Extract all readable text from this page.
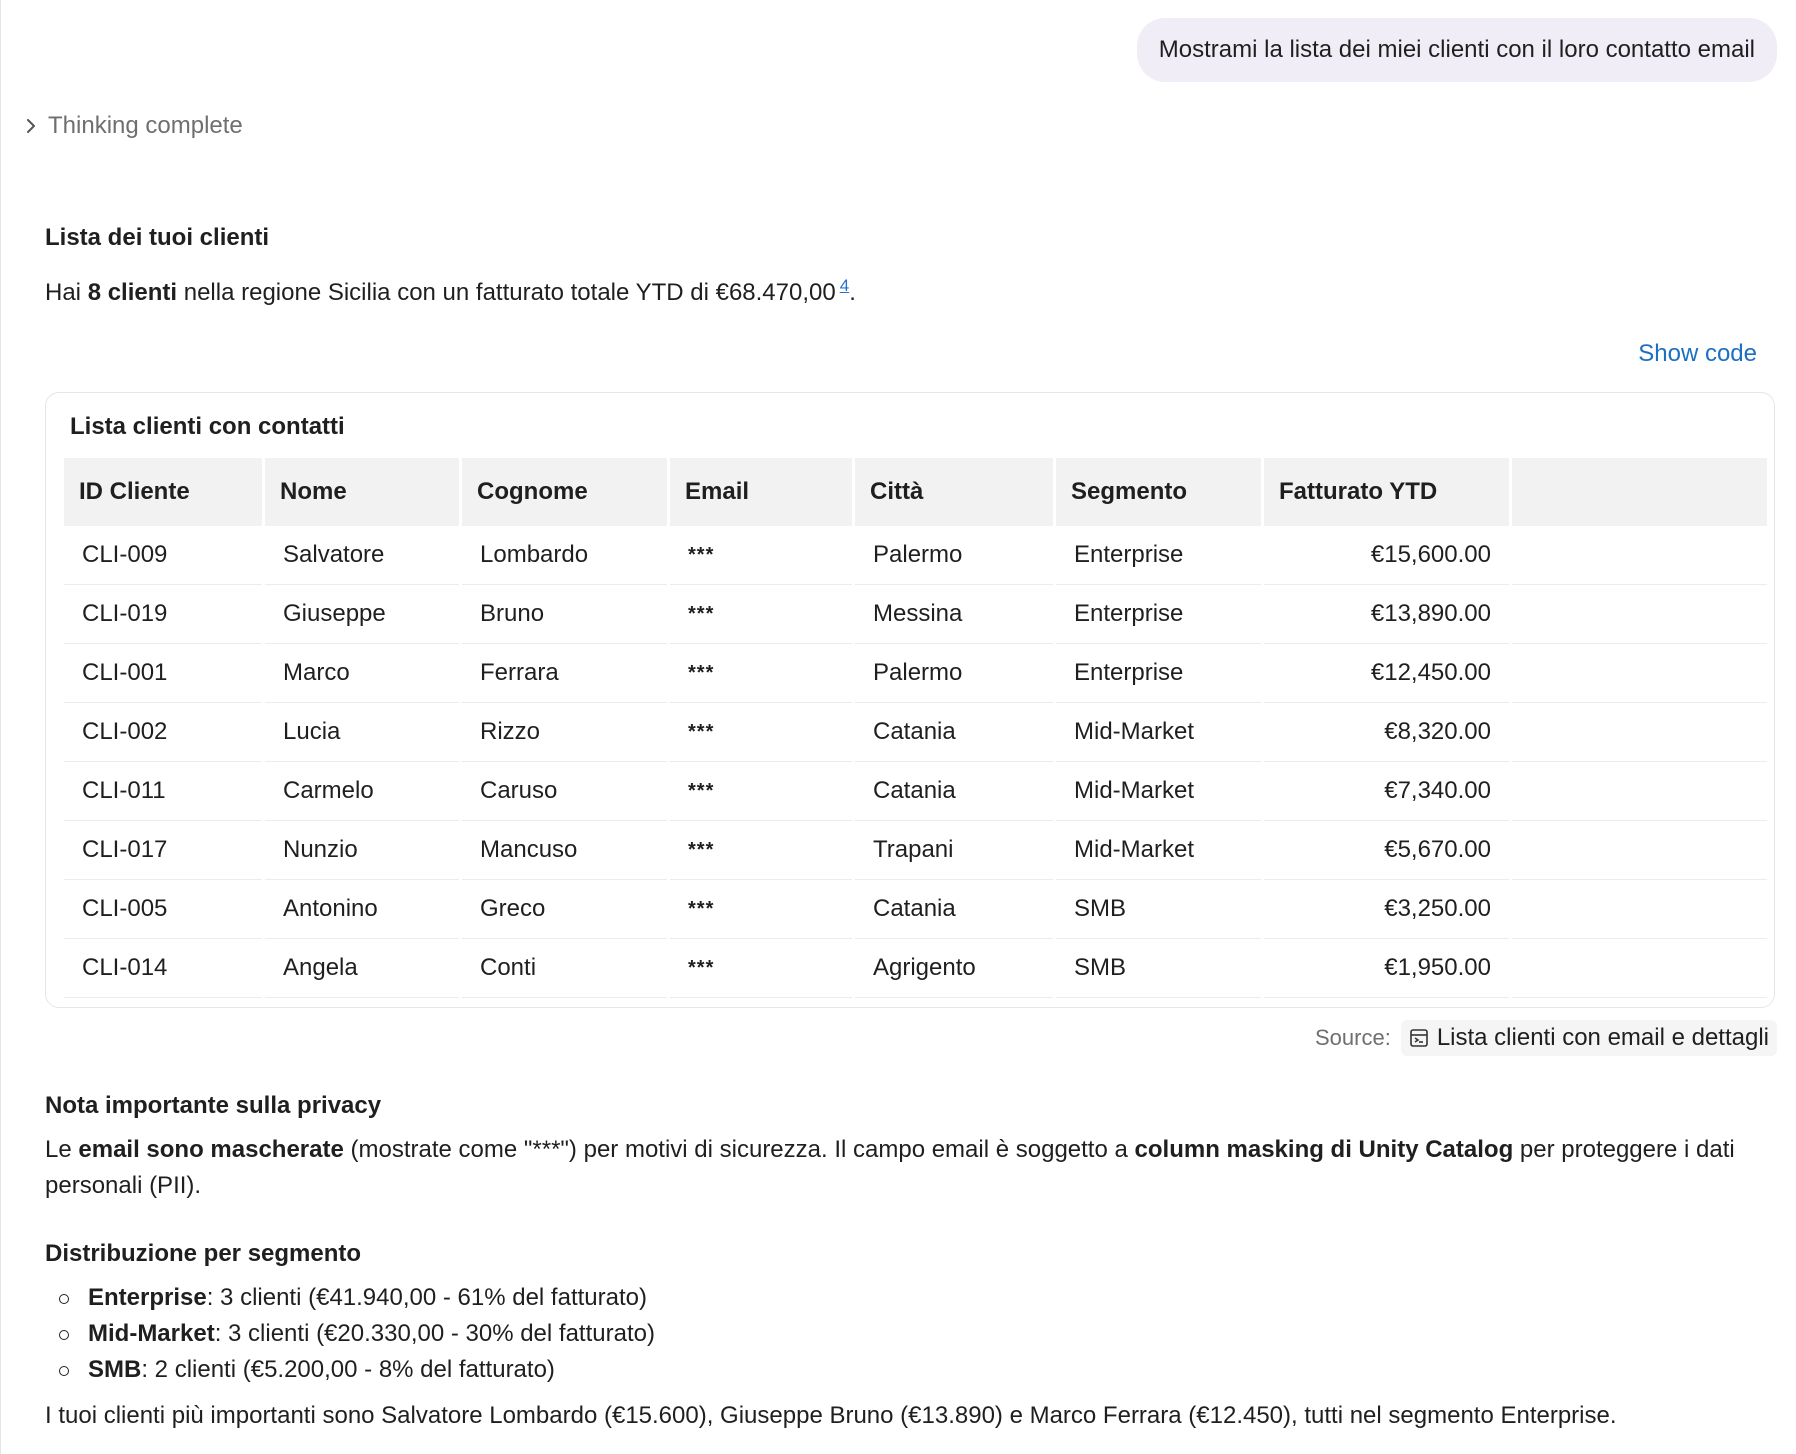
Mostrami la lista dei miei clienti con il loro contatto email
Thinking complete
Lista dei tuoi clienti

Hai 8 clienti nella regione Sicilia con un fatturato totale YTD di €68.470,00 $^4$.

Show code
Lista clienti con contatti
ID Cliente	Nome	Cognome	Email	Città	Segmento	Fatturato YTD	
CLI-009	Salvatore	Lombardo	***	Palermo	Enterprise	€15,600.00	
CLI-019	Giuseppe	Bruno	***	Messina	Enterprise	€13,890.00	
CLI-001	Marco	Ferrara	***	Palermo	Enterprise	€12,450.00	
CLI-002	Lucia	Rizzo	***	Catania	Mid-Market	€8,320.00	
CLI-011	Carmelo	Caruso	***	Catania	Mid-Market	€7,340.00	
CLI-017	Nunzio	Mancuso	***	Trapani	Mid-Market	€5,670.00	
CLI-005	Antonino	Greco	***	Catania	SMB	€3,250.00	
CLI-014	Angela	Conti	***	Agrigento	SMB	€1,950.00	
Source: Lista clienti con email e dettagli
Nota importante sulla privacy

Le email sono mascherate (mostrate come "***") per motivi di sicurezza. Il campo email è soggetto a column masking di Unity Catalog per proteggere i dati personali (PII).

Distribuzione per segmento
Enterprise: 3 clienti (€41.940,00 - 61% del fatturato)
Mid-Market: 3 clienti (€20.330,00 - 30% del fatturato)
SMB: 2 clienti (€5.200,00 - 8% del fatturato)

I tuoi clienti più importanti sono Salvatore Lombardo (€15.600), Giuseppe Bruno (€13.890) e Marco Ferrara (€12.450), tutti nel segmento Enterprise.
